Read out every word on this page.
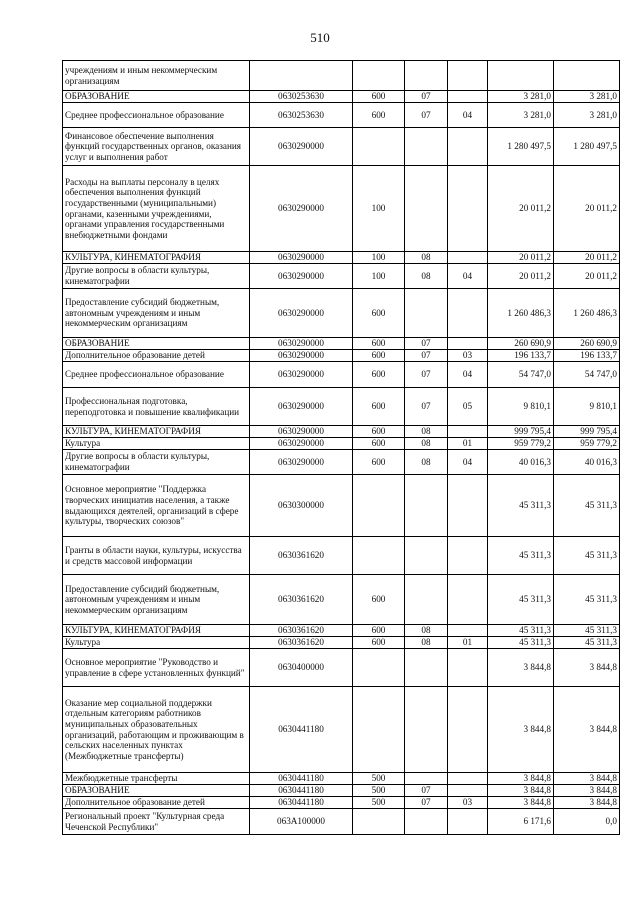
510
учреждениям и иным некоммерческим организациям						
ОБРАЗОВАНИЕ	0630253630	600	07		3 281,0	3 281,0
Среднее профессиональное образование	0630253630	600	07	04	3 281,0	3 281,0
Финансовое обеспечение выполнения функций государственных органов, оказания услуг и выполнения работ	0630290000				1 280 497,5	1 280 497,5
Расходы на выплаты персоналу в целях обеспечения выполнения функций государственными (муниципальными) органами, казенными учреждениями, органами управления государственными внебюджетными фондами	0630290000	100			20 011,2	20 011,2
КУЛЬТУРА, КИНЕМАТОГРАФИЯ	0630290000	100	08		20 011,2	20 011,2
Другие вопросы в области культуры, кинематографии	0630290000	100	08	04	20 011,2	20 011,2
Предоставление субсидий бюджетным, автономным учреждениям и иным некоммерческим организациям	0630290000	600			1 260 486,3	1 260 486,3
ОБРАЗОВАНИЕ	0630290000	600	07		260 690,9	260 690,9
Дополнительное образование детей	0630290000	600	07	03	196 133,7	196 133,7
Среднее профессиональное образование	0630290000	600	07	04	54 747,0	54 747,0
Профессиональная подготовка, переподготовка и повышение квалификации	0630290000	600	07	05	9 810,1	9 810,1
КУЛЬТУРА, КИНЕМАТОГРАФИЯ	0630290000	600	08		999 795,4	999 795,4
Культура	0630290000	600	08	01	959 779,2	959 779,2
Другие вопросы в области культуры, кинематографии	0630290000	600	08	04	40 016,3	40 016,3
Основное мероприятие "Поддержка творческих инициатив населения, а также выдающихся деятелей, организаций в сфере культуры, творческих союзов"	0630300000				45 311,3	45 311,3
Гранты в области науки, культуры, искусства и средств массовой информации	0630361620				45 311,3	45 311,3
Предоставление субсидий бюджетным, автономным учреждениям и иным некоммерческим организациям	0630361620	600			45 311,3	45 311,3
КУЛЬТУРА, КИНЕМАТОГРАФИЯ	0630361620	600	08		45 311,3	45 311,3
Культура	0630361620	600	08	01	45 311,3	45 311,3
Основное мероприятие "Руководство и управление в сфере установленных функций"	0630400000				3 844,8	3 844,8
Оказание мер социальной поддержки отдельным категориям работников муниципальных образовательных организаций, работающим и проживающим в сельских населенных пунктах (Межбюджетные трансферты)	0630441180				3 844,8	3 844,8
Межбюджетные трансферты	0630441180	500			3 844,8	3 844,8
ОБРАЗОВАНИЕ	0630441180	500	07		3 844,8	3 844,8
Дополнительное образование детей	0630441180	500	07	03	3 844,8	3 844,8
Региональный проект "Культурная среда Чеченской Республики"	063A100000				6 171,6	0,0
